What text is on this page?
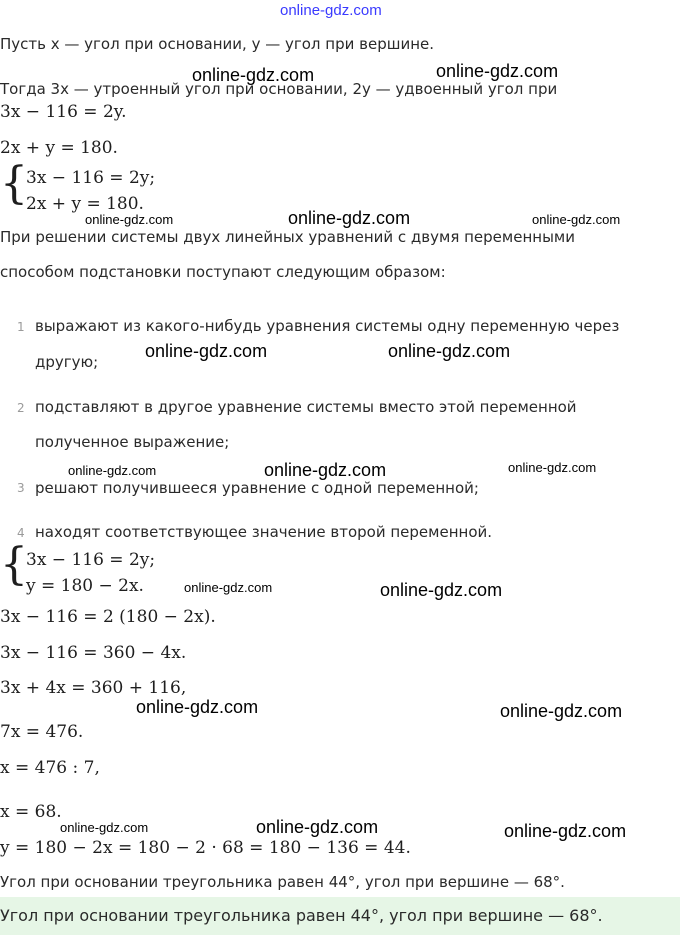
online-gdz.com
Пусть x — угол при основании, y — угол при вершине.
Тогда 3x — утроенный угол при основании, 2y — удвоенный угол при
3x − 116 = 2y.
2x + y = 180.
{
3x − 116 = 2y;
2x + y = 180.
При решении системы двух линейных уравнений с двумя переменными
способом подстановки поступают следующим образом:
1 выражают из какого-нибудь уравнения системы одну переменную через
другую;
2 подставляют в другое уравнение системы вместо этой переменной
полученное выражение;
3 решают получившееся уравнение с одной переменной;
4 находят соответствующее значение второй переменной.
{
3x − 116 = 2y;
y = 180 − 2x.
3x − 116 = 2 (180 − 2x).
3x − 116 = 360 − 4x.
3x + 4x = 360 + 116,
7x = 476.
x = 476 : 7,
x = 68.
y = 180 − 2x = 180 − 2 · 68 = 180 − 136 = 44.
Угол при основании треугольника равен 44°, угол при вершине — 68°.
Угол при основании треугольника равен 44°, угол при вершине — 68°.
online-gdz.com	online-gdz.com
online-gdz.com	online-gdz.com	online-gdz.com
online-gdz.com	online-gdz.com
online-gdz.com	online-gdz.com	online-gdz.com
online-gdz.com	online-gdz.com
online-gdz.com	online-gdz.com
online-gdz.com	online-gdz.com	online-gdz.com
